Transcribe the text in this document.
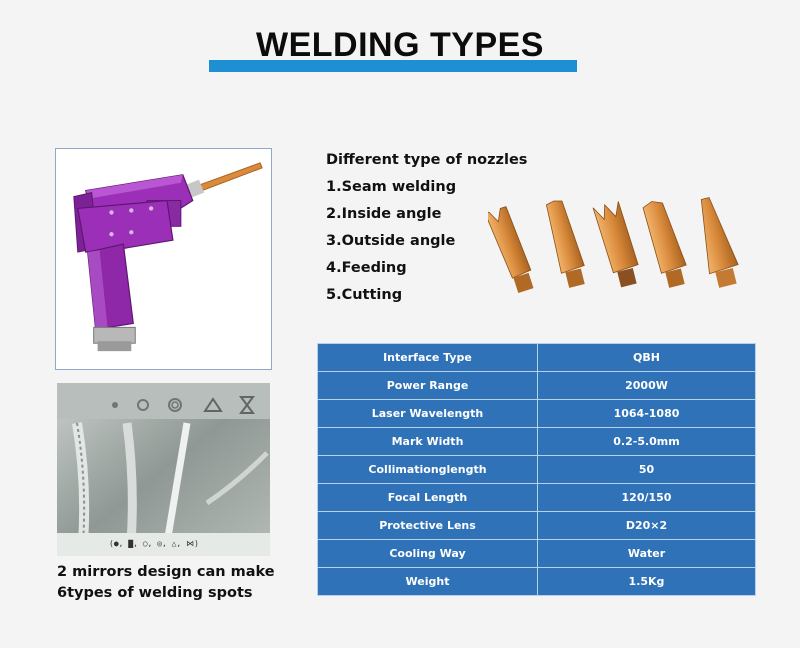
WELDING TYPES
(●, ▇, ○, ◎, △, ⋈)
2 mirrors design can make
6types of welding spots
Different type of nozzles
1.Seam welding
2.Inside angle
3.Outside angle
4.Feeding
5.Cutting
Interface Type	QBH
Power Range	2000W
Laser Wavelength	1064-1080
Mark Width	0.2-5.0mm
Collimationglength	50
Focal Length	120/150
Protective Lens	D20×2
Cooling Way	Water
Weight	1.5Kg
